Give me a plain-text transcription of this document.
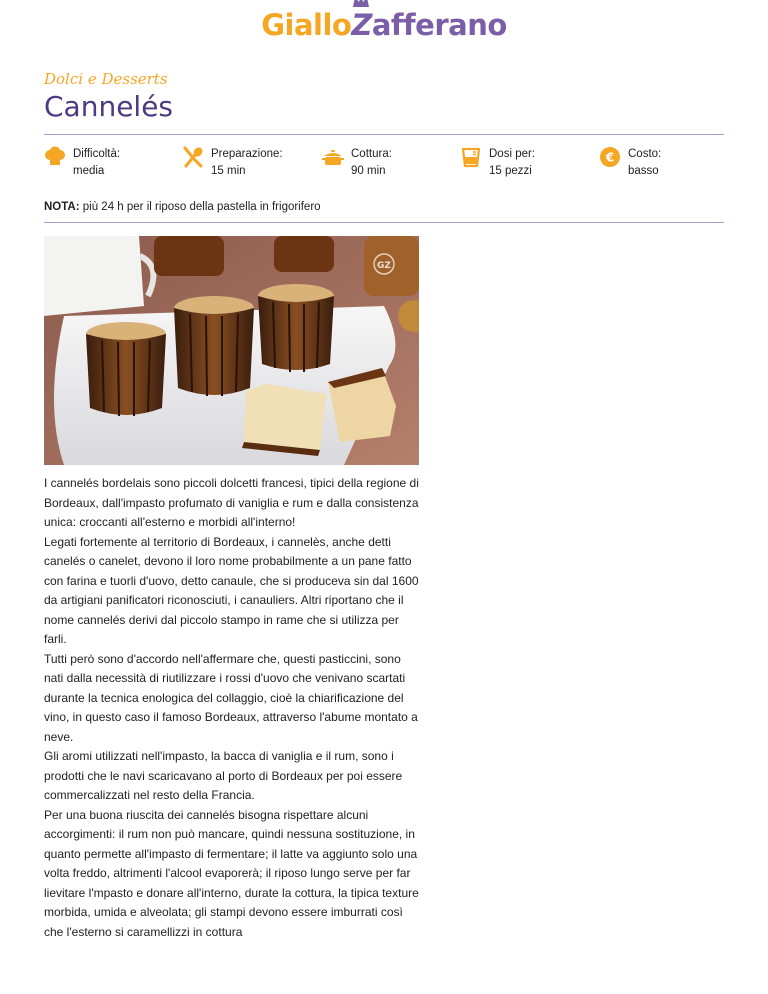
Giallo
Zafferano
Dolci e Desserts
Cannelés
Difficoltà:
media
Preparazione:
15 min
Cottura:
90 min
Dosi per:
15 pezzi
€ Costo:
basso
NOTA: più 24 h per il riposo della pastella in frigorifero
GZ

I cannelés bordelais sono piccoli dolcetti francesi, tipici della regione di Bordeaux, dall'impasto profumato di vaniglia e rum e dalla consistenza unica: croccanti all'esterno e morbidi all'interno!

Legati fortemente al territorio di Bordeaux, i cannelès, anche detti canelés o canelet, devono il loro nome probabilmente a un pane fatto con farina e tuorli d'uovo, detto canaule, che si produceva sin dal 1600 da artigiani panificatori riconosciuti, i canauliers. Altri riportano che il nome cannelés derivi dal piccolo stampo in rame che si utilizza per farli.

Tutti però sono d'accordo nell'affermare che, questi pasticcini, sono nati dalla necessità di riutilizzare i rossi d'uovo che venivano scartati durante la tecnica enologica del collaggio, cioè la chiarificazione del vino, in questo caso il famoso Bordeaux, attraverso l'abume montato a neve.

Gli aromi utilizzati nell'impasto, la bacca di vaniglia e il rum, sono i prodotti che le navi scaricavano al porto di Bordeaux per poi essere commercalizzati nel resto della Francia.

Per una buona riuscita dei cannelés bisogna rispettare alcuni accorgimenti: il rum non può mancare, quindi nessuna sostituzione, in quanto permette all'impasto di fermentare; il latte va aggiunto solo una volta freddo, altrimenti l'alcool evaporerà; il riposo lungo serve per far lievitare l'mpasto e donare all'interno, durate la cottura, la tipica texture morbida, umida e alveolata; gli stampi devono essere imburrati così che l'esterno si caramellizzi in cottura
